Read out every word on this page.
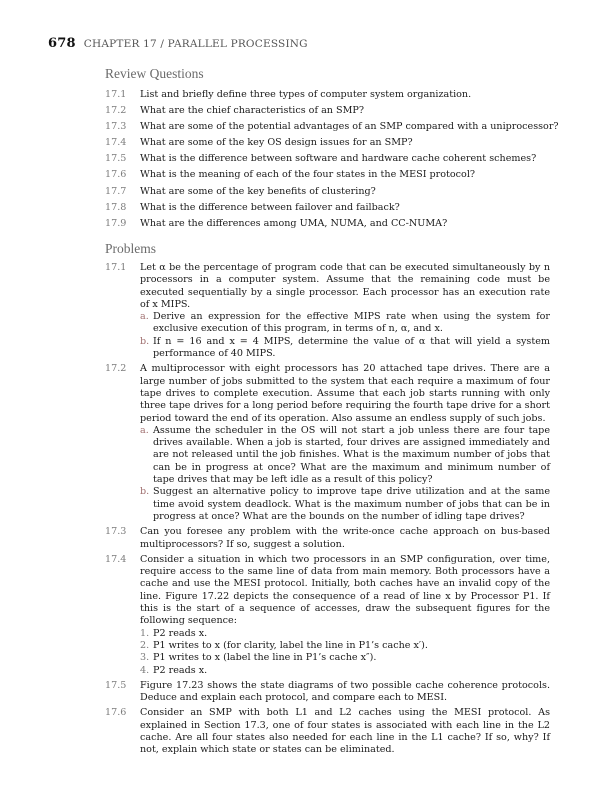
678 CHAPTER 17 / PARALLEL PROCESSING
Review Questions
17.1	List and briefly define three types of computer system organization.
17.2	What are the chief characteristics of an SMP?
17.3	What are some of the potential advantages of an SMP compared with a uniprocessor?
17.4	What are some of the key OS design issues for an SMP?
17.5	What is the difference between software and hardware cache coherent schemes?
17.6	What is the meaning of each of the four states in the MESI protocol?
17.7	What are some of the key benefits of clustering?
17.8	What is the difference between failover and failback?
17.9	What are the differences among UMA, NUMA, and CC-NUMA?
Problems
17.1	Let α be the percentage of program code that can be executed simultaneously by n processors in a computer system. Assume that the remaining code must be executed sequentially by a single processor. Each processor has an execution rate of x MIPS.
a. Derive an expression for the effective MIPS rate when using the system for exclusive execution of this program, in terms of n, α, and x.
b. If n = 16 and x = 4 MIPS, determine the value of α that will yield a system performance of 40 MIPS.
17.2	A multiprocessor with eight processors has 20 attached tape drives. There are a large number of jobs submitted to the system that each require a maximum of four tape drives to complete execution. Assume that each job starts running with only three tape drives for a long period before requiring the fourth tape drive for a short period toward the end of its operation. Also assume an endless supply of such jobs.
a. Assume the scheduler in the OS will not start a job unless there are four tape drives available. When a job is started, four drives are assigned immediately and are not released until the job finishes. What is the maximum number of jobs that can be in progress at once? What are the maximum and minimum number of tape drives that may be left idle as a result of this policy?
b. Suggest an alternative policy to improve tape drive utilization and at the same time avoid system deadlock. What is the maximum number of jobs that can be in progress at once? What are the bounds on the number of idling tape drives?
17.3	Can you foresee any problem with the write-once cache approach on bus-based multiprocessors? If so, suggest a solution.
17.4	Consider a situation in which two processors in an SMP configuration, over time, require access to the same line of data from main memory. Both processors have a cache and use the MESI protocol. Initially, both caches have an invalid copy of the line. Figure 17.22 depicts the consequence of a read of line x by Processor P1. If this is the start of a sequence of accesses, draw the subsequent figures for the following sequence:
1. P2 reads x.
2. P1 writes to x (for clarity, label the line in P1’s cache x′).
3. P1 writes to x (label the line in P1’s cache x″).
4. P2 reads x.
17.5	Figure 17.23 shows the state diagrams of two possible cache coherence protocols. Deduce and explain each protocol, and compare each to MESI.
17.6	Consider an SMP with both L1 and L2 caches using the MESI protocol. As explained in Section 17.3, one of four states is associated with each line in the L2 cache. Are all four states also needed for each line in the L1 cache? If so, why? If not, explain which state or states can be eliminated.
